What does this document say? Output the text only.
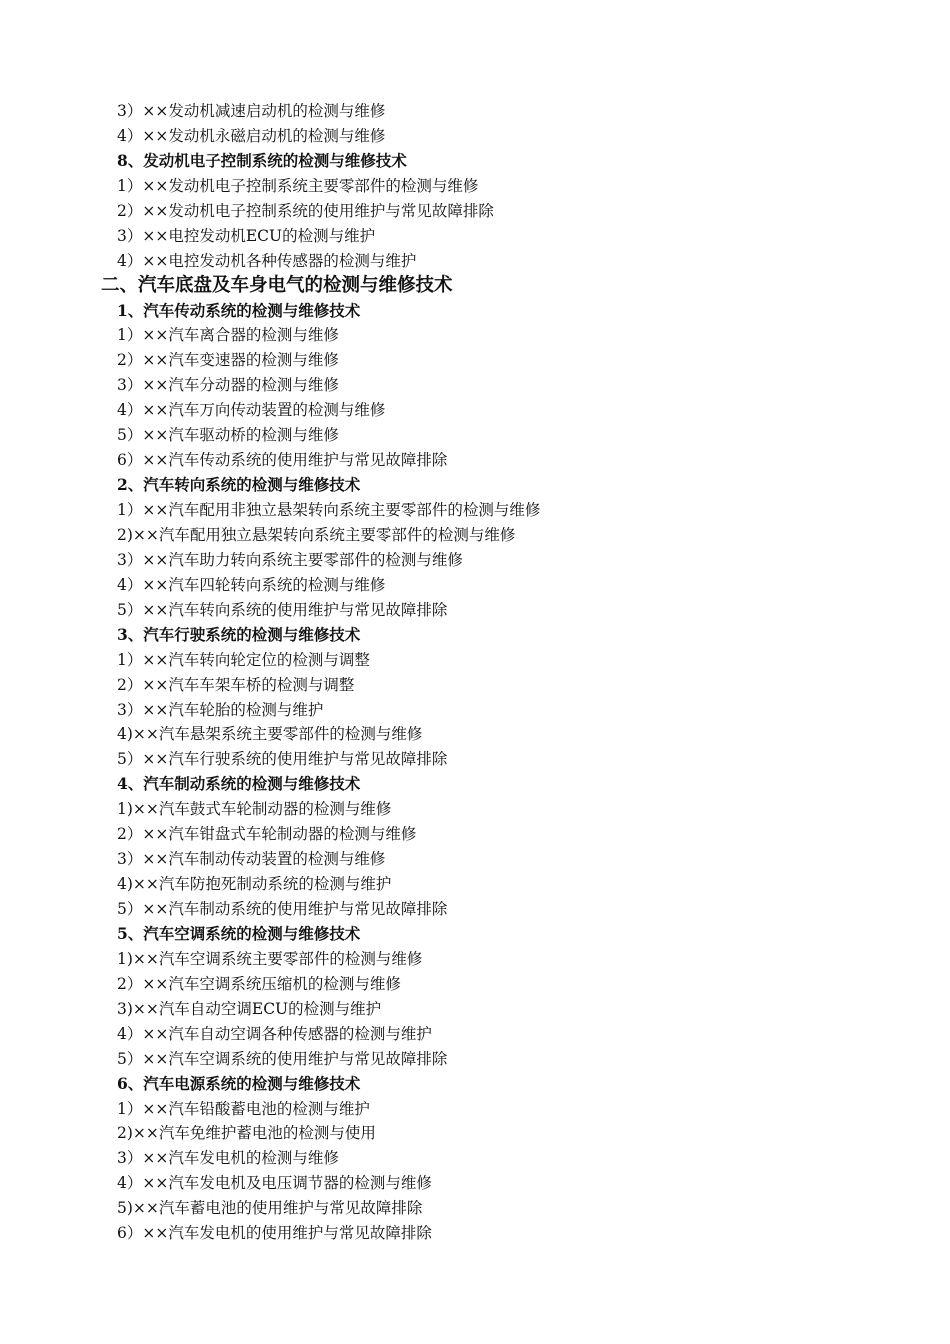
3）××发动机减速启动机的检测与维修
4）××发动机永磁启动机的检测与维修
8、发动机电子控制系统的检测与维修技术
1）××发动机电子控制系统主要零部件的检测与维修
2）××发动机电子控制系统的使用维护与常见故障排除
3）××电控发动机ECU的检测与维护
4）××电控发动机各种传感器的检测与维护
二、汽车底盘及车身电气的检测与维修技术
1、汽车传动系统的检测与维修技术
1）××汽车离合器的检测与维修
2）××汽车变速器的检测与维修
3）××汽车分动器的检测与维修
4）××汽车万向传动装置的检测与维修
5）××汽车驱动桥的检测与维修
6）××汽车传动系统的使用维护与常见故障排除
2、汽车转向系统的检测与维修技术
1）××汽车配用非独立悬架转向系统主要零部件的检测与维修
2)××汽车配用独立悬架转向系统主要零部件的检测与维修
3）××汽车助力转向系统主要零部件的检测与维修
4）××汽车四轮转向系统的检测与维修
5）××汽车转向系统的使用维护与常见故障排除
3、汽车行驶系统的检测与维修技术
1）××汽车转向轮定位的检测与调整
2）××汽车车架车桥的检测与调整
3）××汽车轮胎的检测与维护
4)××汽车悬架系统主要零部件的检测与维修
5）××汽车行驶系统的使用维护与常见故障排除
4、汽车制动系统的检测与维修技术
1)××汽车鼓式车轮制动器的检测与维修
2）××汽车钳盘式车轮制动器的检测与维修
3）××汽车制动传动装置的检测与维修
4)××汽车防抱死制动系统的检测与维护
5）××汽车制动系统的使用维护与常见故障排除
5、汽车空调系统的检测与维修技术
1)××汽车空调系统主要零部件的检测与维修
2）××汽车空调系统压缩机的检测与维修
3)××汽车自动空调ECU的检测与维护
4）××汽车自动空调各种传感器的检测与维护
5）××汽车空调系统的使用维护与常见故障排除
6、汽车电源系统的检测与维修技术
1）××汽车铅酸蓄电池的检测与维护
2)××汽车免维护蓄电池的检测与使用
3）××汽车发电机的检测与维修
4）××汽车发电机及电压调节器的检测与维修
5)××汽车蓄电池的使用维护与常见故障排除
6）××汽车发电机的使用维护与常见故障排除
